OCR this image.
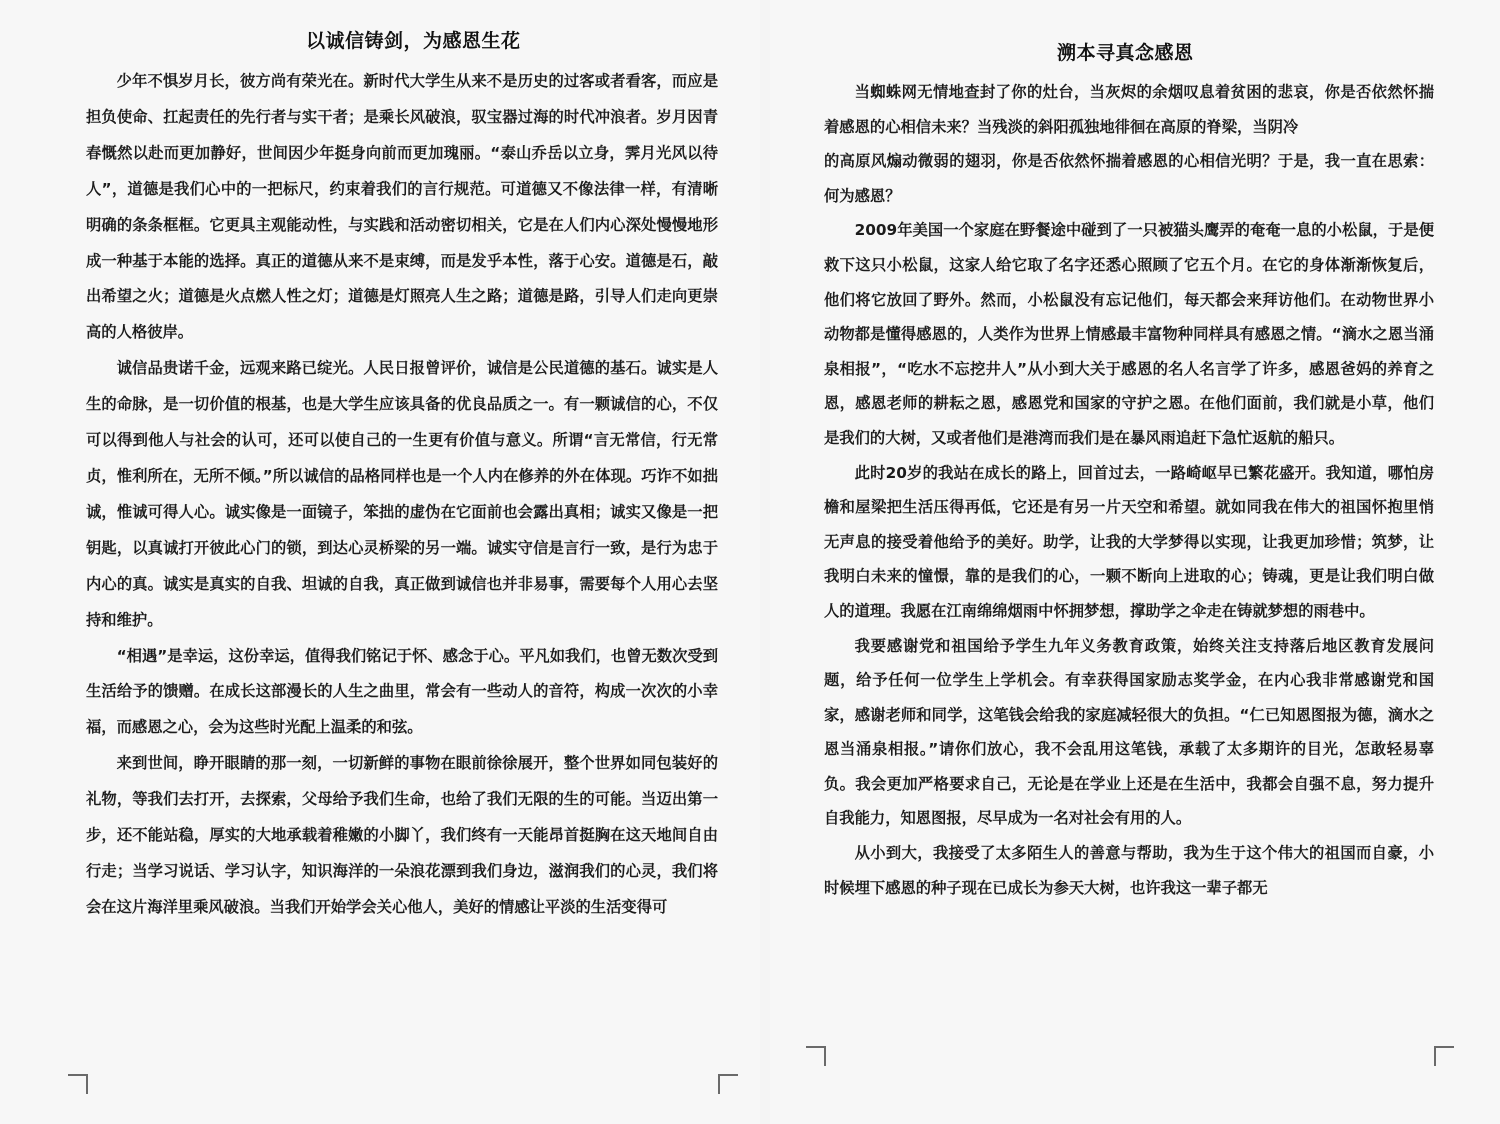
以诚信铸剑，为感恩生花

少年不惧岁月长，彼方尚有荣光在。新时代大学生从来不是历史的过客或者看客，而应是担负使命、扛起责任的先行者与实干者；是乘长风破浪，驭宝器过海的时代冲浪者。岁月因青春慨然以赴而更加静好，世间因少年挺身向前而更加瑰丽。“泰山乔岳以立身，霁月光风以待人”，道德是我们心中的一把标尺，约束着我们的言行规范。可道德又不像法律一样，有清晰明确的条条框框。它更具主观能动性，与实践和活动密切相关，它是在人们内心深处慢慢地形成一种基于本能的选择。真正的道德从来不是束缚，而是发乎本性，落于心安。道德是石，敲出希望之火；道德是火点燃人性之灯；道德是灯照亮人生之路；道德是路，引导人们走向更崇高的人格彼岸。

诚信品贵诺千金，远观来路已绽光。人民日报曾评价，诚信是公民道德的基石。诚实是人生的命脉，是一切价值的根基，也是大学生应该具备的优良品质之一。有一颗诚信的心，不仅可以得到他人与社会的认可，还可以使自己的一生更有价值与意义。所谓“言无常信，行无常贞，惟利所在，无所不倾。”所以诚信的品格同样也是一个人内在修养的外在体现。巧诈不如拙诚，惟诚可得人心。诚实像是一面镜子，笨拙的虚伪在它面前也会露出真相；诚实又像是一把钥匙，以真诚打开彼此心门的锁，到达心灵桥梁的另一端。诚实守信是言行一致，是行为忠于内心的真。诚实是真实的自我、坦诚的自我，真正做到诚信也并非易事，需要每个人用心去坚持和维护。

“相遇”是幸运，这份幸运，值得我们铭记于怀、感念于心。平凡如我们，也曾无数次受到生活给予的馈赠。在成长这部漫长的人生之曲里，常会有一些动人的音符，构成一次次的小幸福，而感恩之心，会为这些时光配上温柔的和弦。

来到世间，睁开眼睛的那一刻，一切新鲜的事物在眼前徐徐展开，整个世界如同包装好的礼物，等我们去打开，去探索，父母给予我们生命，也给了我们无限的生的可能。当迈出第一步，还不能站稳，厚实的大地承载着稚嫩的小脚丫，我们终有一天能昂首挺胸在这天地间自由行走；当学习说话、学习认字，知识海洋的一朵浪花漂到我们身边，滋润我们的心灵，我们将会在这片海洋里乘风破浪。当我们开始学会关心他人，美好的情感让平淡的生活变得可

溯本寻真念感恩

当蜘蛛网无情地查封了你的灶台，当灰烬的余烟叹息着贫困的悲哀，你是否依然怀揣着感恩的心相信未来？当残淡的斜阳孤独地徘徊在高原的脊梁，当阴冷

的高原风煽动微弱的翅羽，你是否依然怀揣着感恩的心相信光明？于是，我一直在思索：何为感恩？

2009年美国一个家庭在野餐途中碰到了一只被猫头鹰弄的奄奄一息的小松鼠，于是便救下这只小松鼠，这家人给它取了名字还悉心照顾了它五个月。在它的身体渐渐恢复后，他们将它放回了野外。然而，小松鼠没有忘记他们，每天都会来拜访他们。在动物世界小动物都是懂得感恩的，人类作为世界上情感最丰富物种同样具有感恩之情。“滴水之恩当涌泉相报”，“吃水不忘挖井人”从小到大关于感恩的名人名言学了许多，感恩爸妈的养育之恩，感恩老师的耕耘之恩，感恩党和国家的守护之恩。在他们面前，我们就是小草，他们是我们的大树，又或者他们是港湾而我们是在暴风雨追赶下急忙返航的船只。

此时20岁的我站在成长的路上，回首过去，一路崎岖早已繁花盛开。我知道，哪怕房檐和屋梁把生活压得再低，它还是有另一片天空和希望。就如同我在伟大的祖国怀抱里悄无声息的接受着他给予的美好。助学，让我的大学梦得以实现，让我更加珍惜；筑梦，让我明白未来的憧憬，靠的是我们的心，一颗不断向上进取的心；铸魂，更是让我们明白做人的道理。我愿在江南绵绵烟雨中怀拥梦想，撑助学之伞走在铸就梦想的雨巷中。

我要感谢党和祖国给予学生九年义务教育政策，始终关注支持落后地区教育发展问题，给予任何一位学生上学机会。有幸获得国家励志奖学金，在内心我非常感谢党和国家，感谢老师和同学，这笔钱会给我的家庭减轻很大的负担。“仁已知恩图报为德，滴水之恩当涌泉相报。”请你们放心，我不会乱用这笔钱，承载了太多期许的目光，怎敢轻易辜负。我会更加严格要求自己，无论是在学业上还是在生活中，我都会自强不息，努力提升自我能力，知恩图报，尽早成为一名对社会有用的人。

从小到大，我接受了太多陌生人的善意与帮助，我为生于这个伟大的祖国而自豪，小时候埋下感恩的种子现在已成长为参天大树，也许我这一辈子都无
